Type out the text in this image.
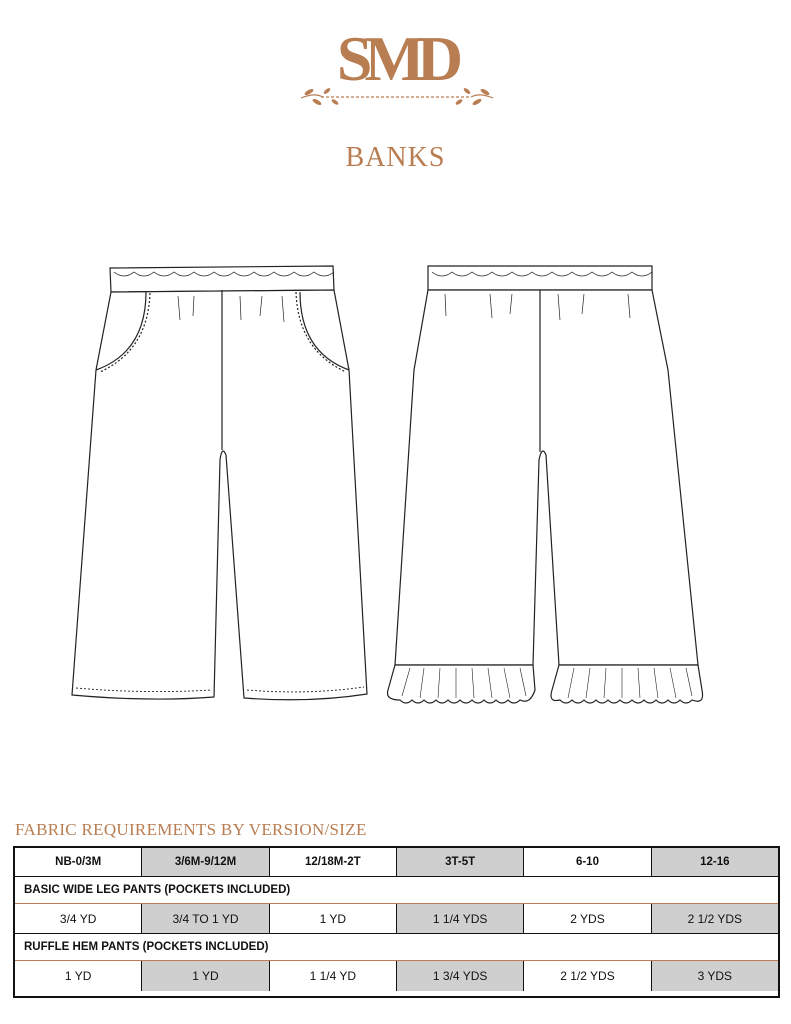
SMD
BANKS
FABRIC REQUIREMENTS BY VERSION/SIZE
NB-0/3M	3/6M-9/12M	12/18M-2T	3T-5T	6-10	12-16
BASIC WIDE LEG PANTS (POCKETS INCLUDED)
3/4 YD	3/4 TO 1 YD	1 YD	1 1/4 YDS	2 YDS	2 1/2 YDS
RUFFLE HEM PANTS (POCKETS INCLUDED)
1 YD	1 YD	1 1/4 YD	1 3/4 YDS	2 1/2 YDS	3 YDS
